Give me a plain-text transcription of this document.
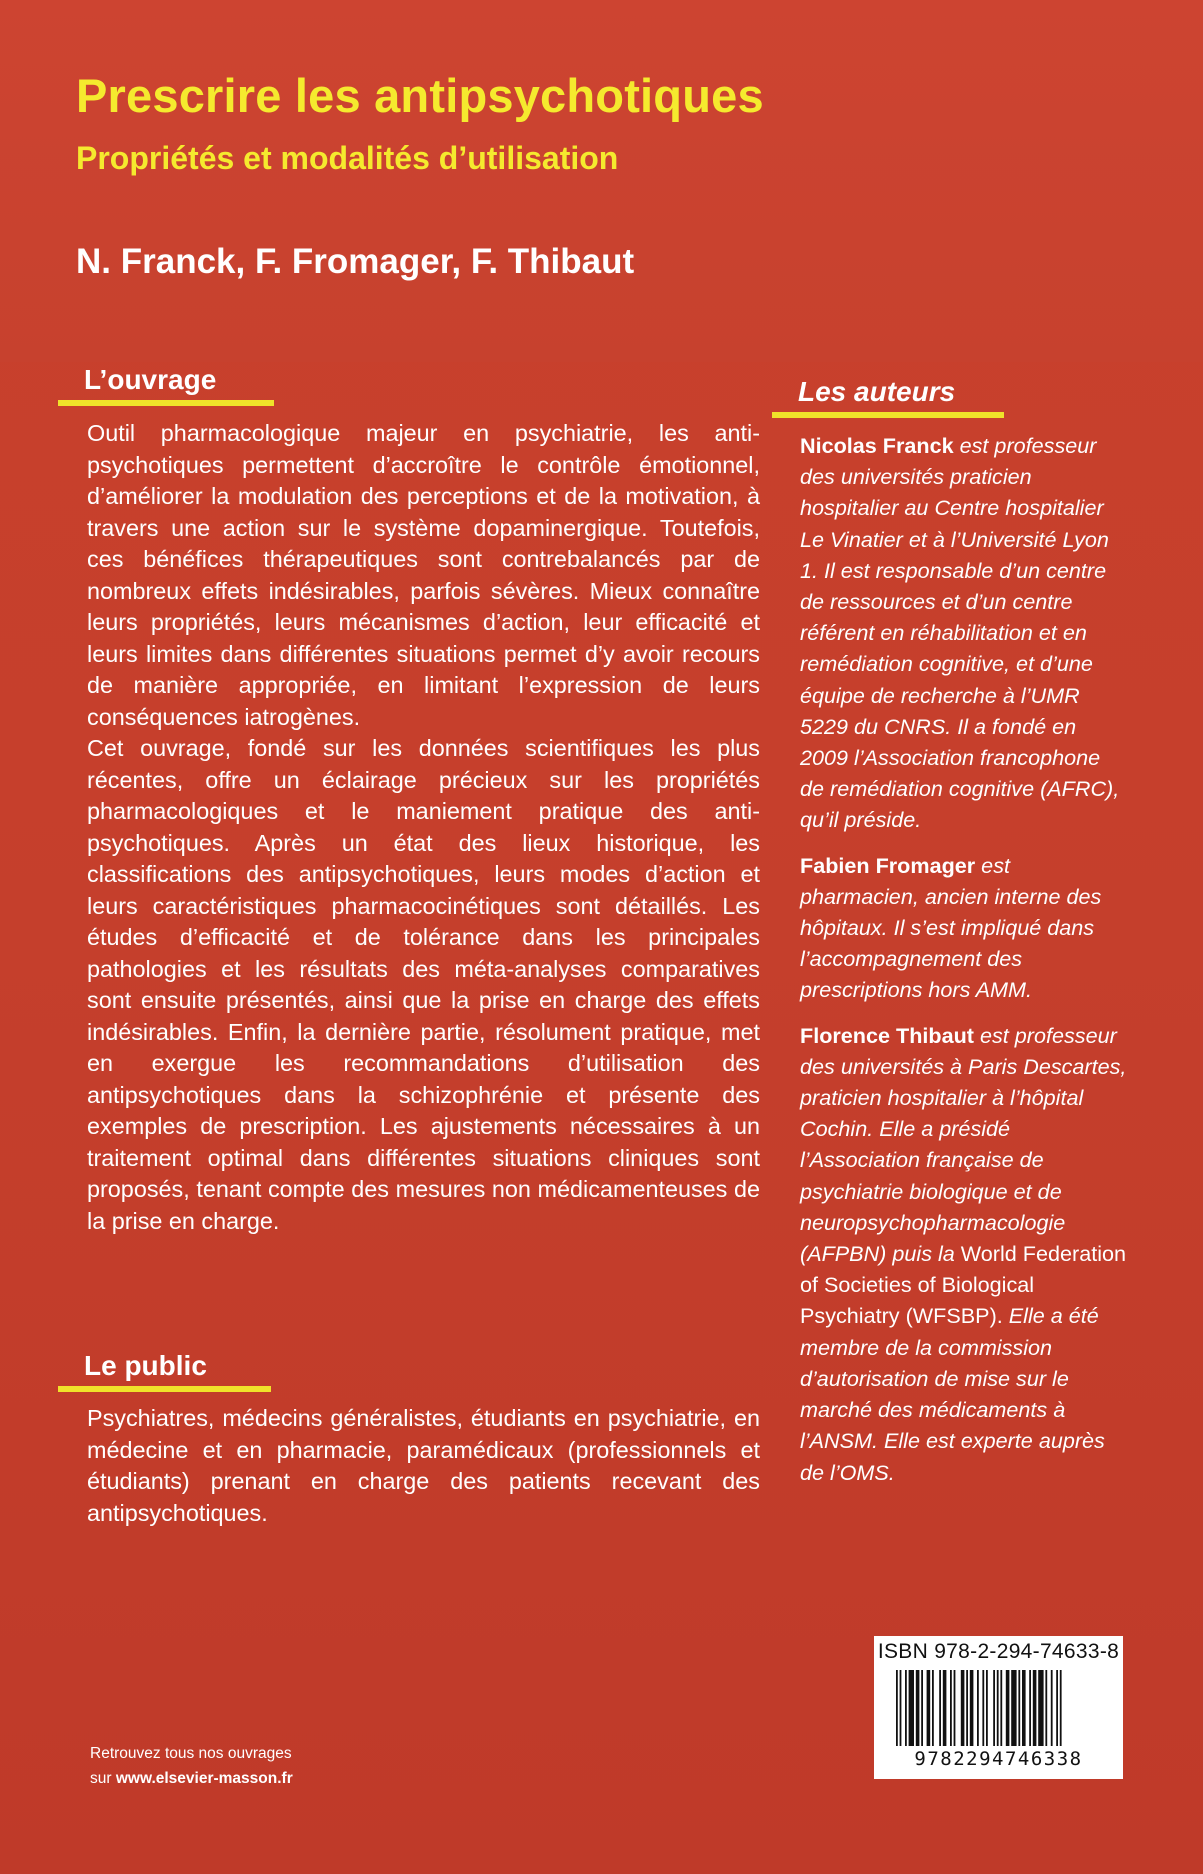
Prescrire les antipsychotiques
Propriétés et modalités d’utilisation
N. Franck, F. Fromager, F. Thibaut
L’ouvrage

Outil pharmacologique majeur en psychiatrie, les anti-psychotiques permettent d’accroître le contrôle émotionnel, d’améliorer la modulation des perceptions et de la motivation, à travers une action sur le système dopaminergique. Toutefois, ces bénéfices thérapeutiques sont contrebalancés par de nombreux effets indésirables, parfois sévères. Mieux connaître leurs propriétés, leurs mécanismes d’action, leur efficacité et leurs limites dans différentes situations permet d’y avoir recours de manière appropriée, en limitant l’expression de leurs conséquences iatrogènes.

Cet ouvrage, fondé sur les données scientifiques les plus récentes, offre un éclairage précieux sur les propriétés pharmacologiques et le maniement pratique des anti-psychotiques. Après un état des lieux historique, les classifications des antipsychotiques, leurs modes d’action et leurs caractéristiques pharmacocinétiques sont détaillés. Les études d’efficacité et de tolérance dans les principales pathologies et les résultats des méta-analyses comparatives sont ensuite présentés, ainsi que la prise en charge des effets indésirables. Enfin, la dernière partie, résolument pratique, met en exergue les recommandations d’utilisation des antipsychotiques dans la schizophrénie et présente des exemples de prescription. Les ajustements nécessaires à un traitement optimal dans différentes situations cliniques sont proposés, tenant compte des mesures non médicamenteuses de la prise en charge.

Le public

Psychiatres, médecins généralistes, étudiants en psychiatrie, en médecine et en pharmacie, paramédicaux (professionnels et étudiants) prenant en charge des patients recevant des antipsychotiques.

Les auteurs

Nicolas Franck est professeur des universités praticien hospitalier au Centre hospitalier Le Vinatier et à l’Université Lyon 1. Il est responsable d’un centre de ressources et d’un centre référent en réhabilitation et en remédiation cognitive, et d’une équipe de recherche à l’UMR 5229 du CNRS. Il a fondé en 2009 l’Association francophone de remédiation cognitive (AFRC), qu’il préside.

Fabien Fromager est pharmacien, ancien interne des hôpitaux. Il s’est impliqué dans l’accompagnement des prescriptions hors AMM.

Florence Thibaut est professeur des universités à Paris Descartes, praticien hospitalier à l’hôpital Cochin. Elle a présidé l’Association française de psychiatrie biologique et de neuropsychopharmacologie (AFPBN) puis la World Federation of Societies of Biological Psychiatry (WFSBP). Elle a été membre de la commission d’autorisation de mise sur le marché des médicaments à l’ANSM. Elle est experte auprès de l’OMS.

ISBN 978-2-294-74633-8
9782294746338
Retrouvez tous nos ouvrages
sur www.elsevier-masson.fr
